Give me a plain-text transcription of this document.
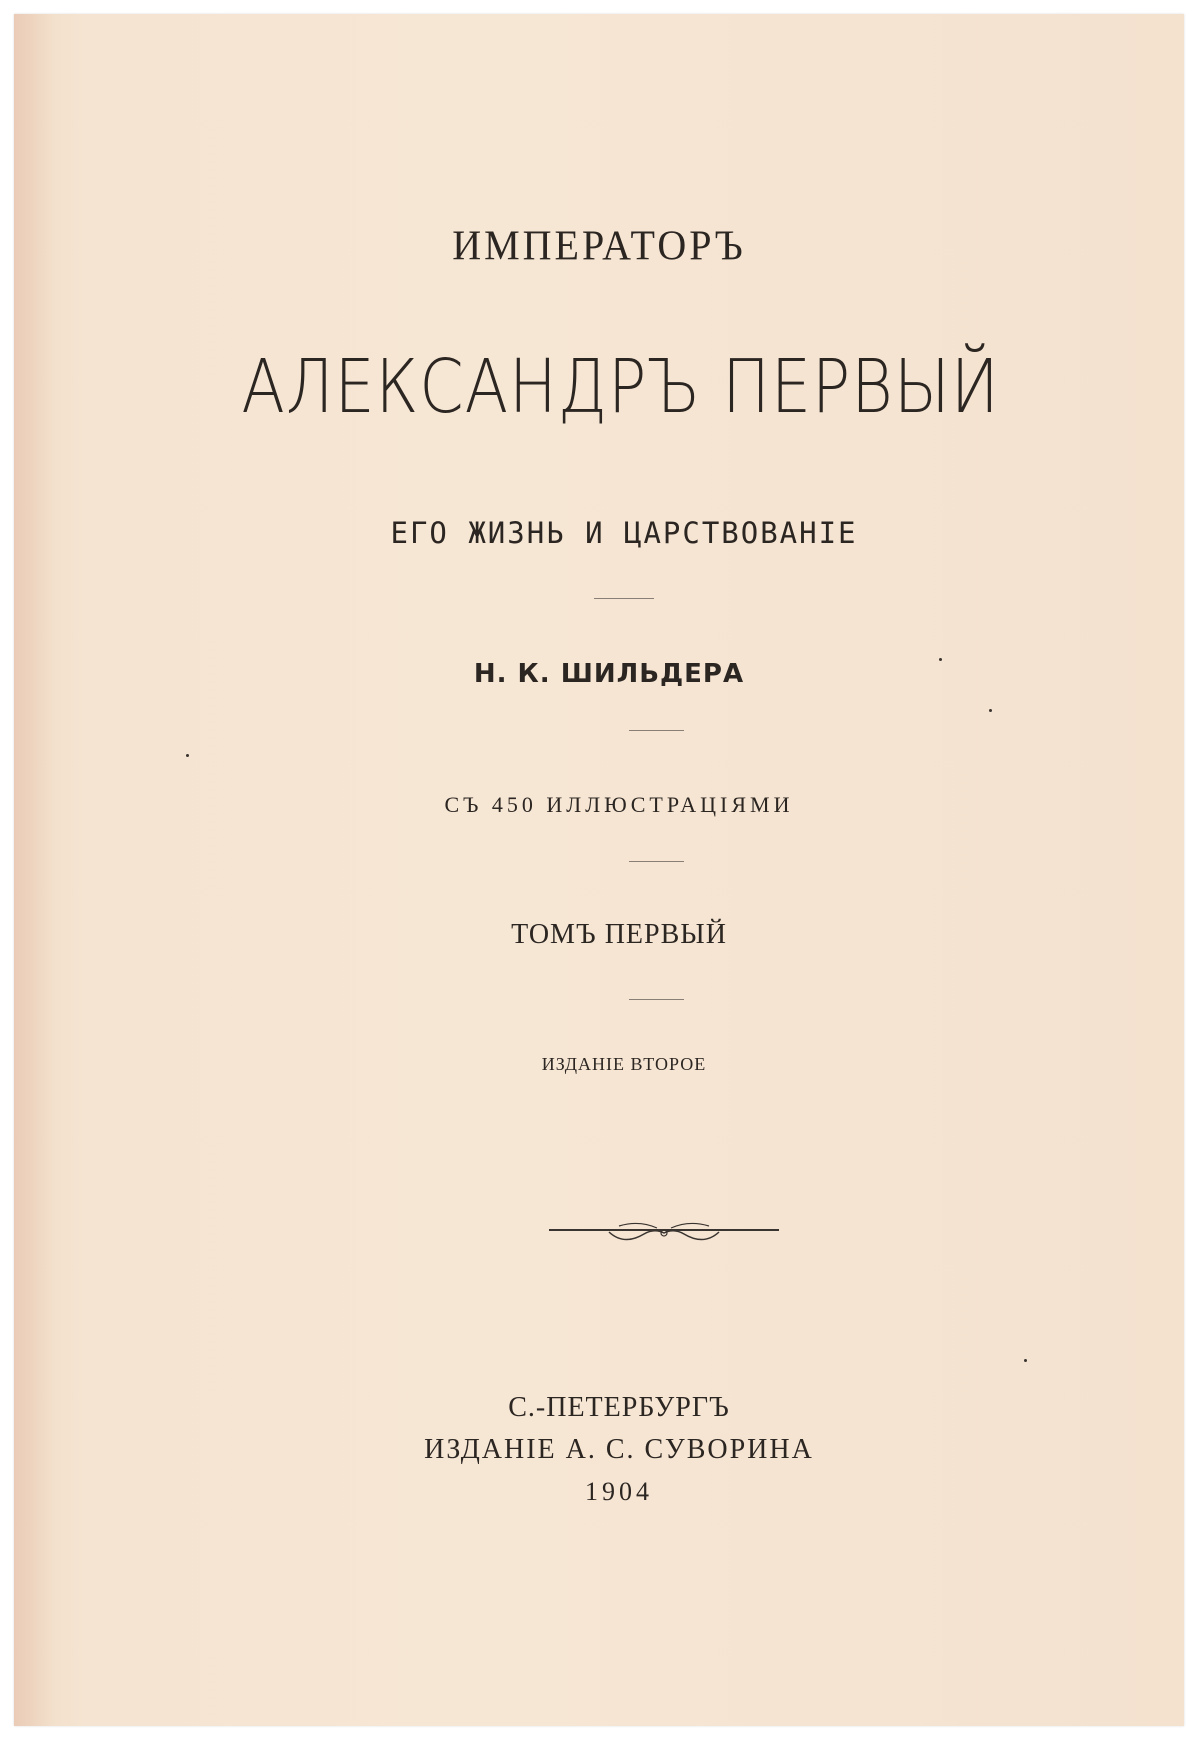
ИМПЕРАТОРЪ
АЛЕКСАНДРЪ ПЕРВЫЙ
ЕГО ЖИЗНЬ И ЦАРСТВОВАНІЕ
Н. К. ШИЛЬДЕРА
СЪ 450 ИЛЛЮСТРАЦІЯМИ
ТОМЪ ПЕРВЫЙ
ИЗДАНІЕ ВТОРОЕ
С.-ПЕТЕРБУРГЪ
ИЗДАНІЕ А. С. СУВОРИНА
1904
